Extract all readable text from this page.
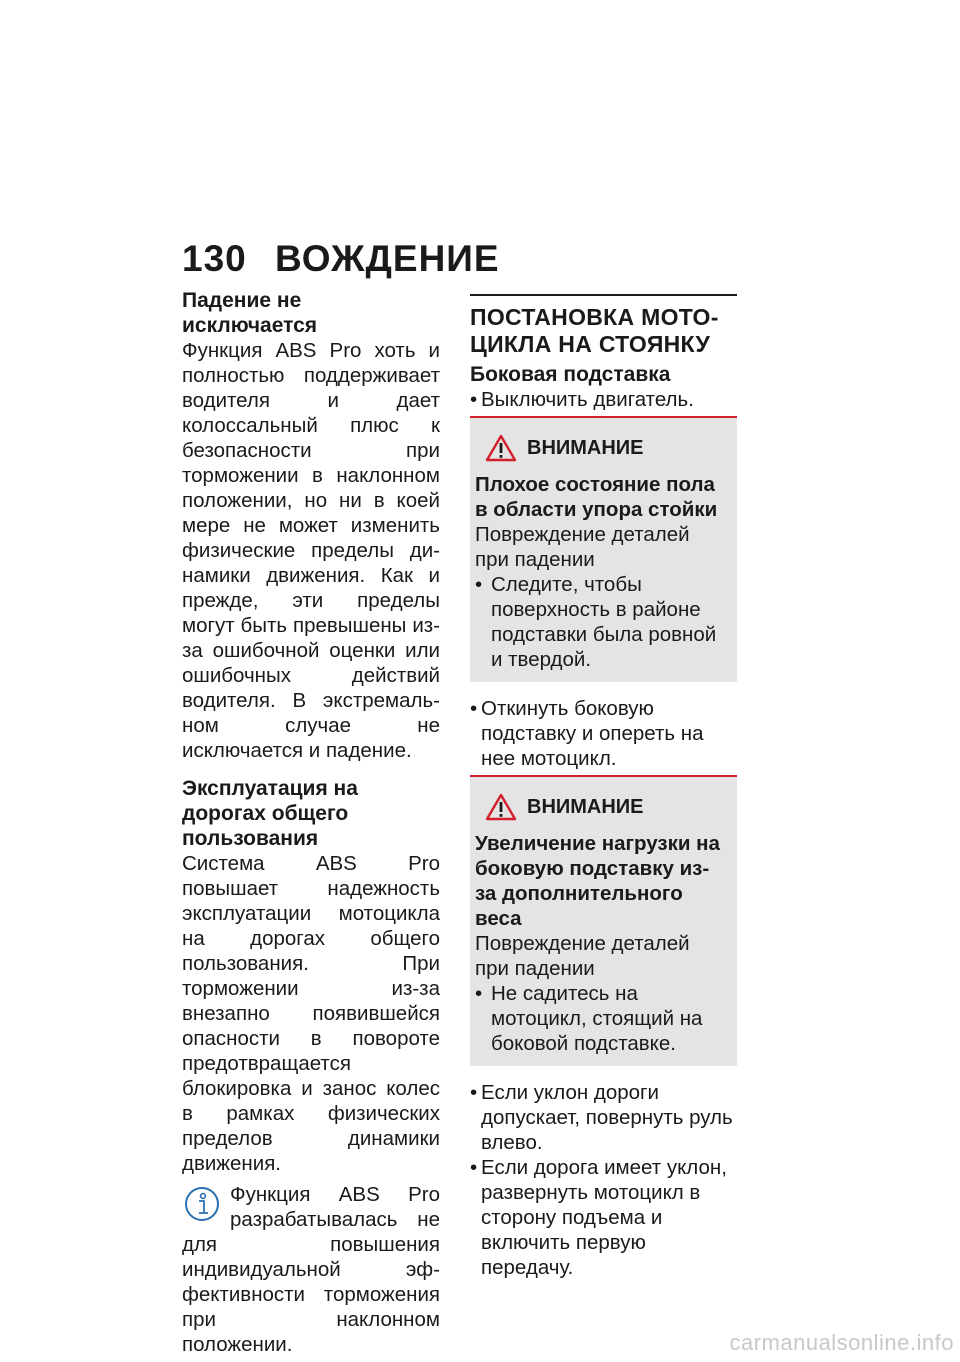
130 ВОЖДЕНИЕ
Падение не исключается
Функция ABS Pro хоть и полностью поддерживает водителя и дает колоссальный плюс к безопасности при торможении в наклонном положении, но ни в коей мере не может изменить физические пределы динамики движения. Как и прежде, эти пределы могут быть превышены из-за ошибочной оценки или ошибочных действий водителя. В экстремальном случае не исключается и падение.
Эксплуатация на дорогах общего пользования
Система ABS Pro повышает надежность эксплуатации мотоцикла на дорогах общего пользования. При торможении из-за внезапно появившейся опасности в повороте предотвращается блокировка и занос колес в рамках физических пределов динамики движения.
Функция ABS Pro разрабатывалась не для повышения индивидуальной эффективности торможения при наклонном положении.
ПОСТАНОВКА МОТОЦИКЛА НА СТОЯНКУ
Боковая подставка
• Выключить двигатель.
ВНИМАНИЕ
Плохое состояние пола в области упора стойки
Повреждение деталей при падении
• Следите, чтобы поверхность в районе подставки была ровной и твердой.
• Откинуть боковую подставку и опереть на нее мотоцикл.
ВНИМАНИЕ
Увеличение нагрузки на боковую подставку из-за дополнительного веса
Повреждение деталей при падении
• Не садитесь на мотоцикл, стоящий на боковой подставке.
• Если уклон дороги допускает, повернуть руль влево.
• Если дорога имеет уклон, развернуть мотоцикл в сторону подъема и включить первую передачу.
carmanualsonline.info
